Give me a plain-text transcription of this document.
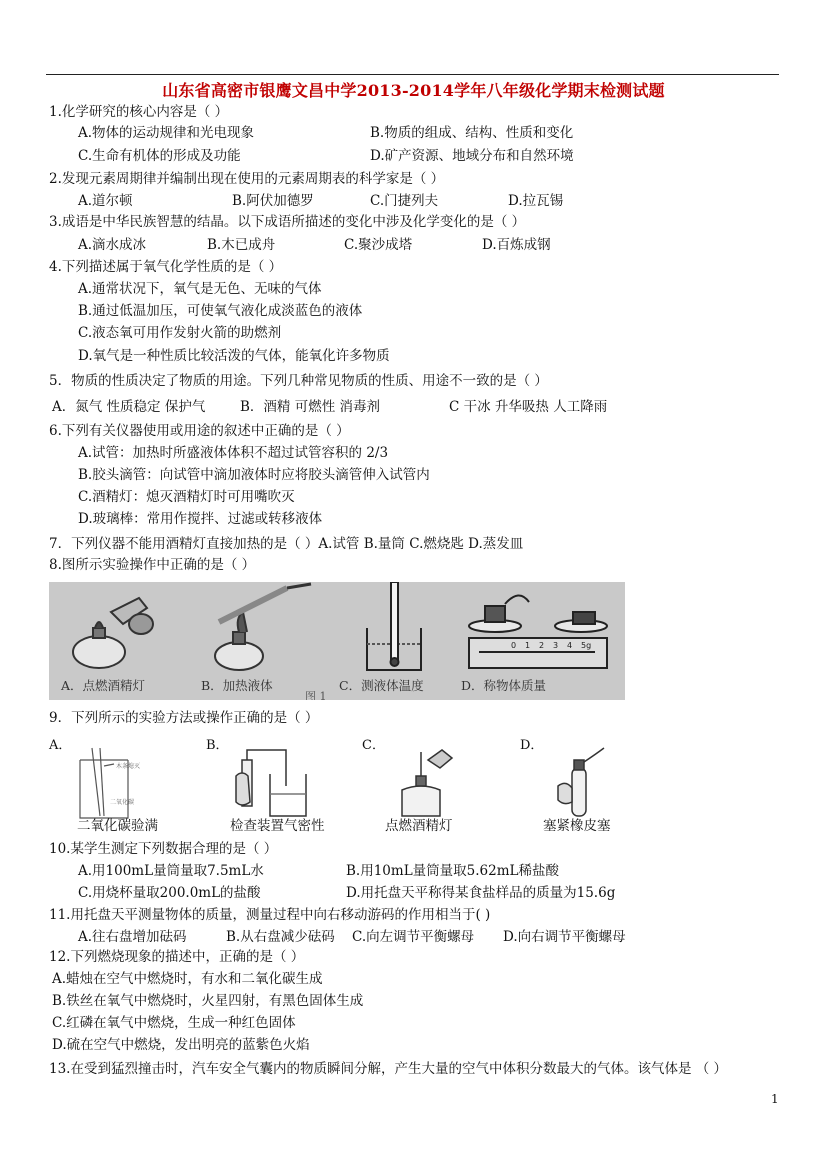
山东省高密市银鹰文昌中学2013-2014学年八年级化学期末检测试题
1.化学研究的核心内容是（ ）
A.物体的运动规律和光电现象	B.物质的组成、结构、性质和变化
C.生命有机体的形成及功能	D.矿产资源、地域分布和自然环境
2.发现元素周期律并编制出现在使用的元素周期表的科学家是（ ）
A.道尔顿	B.阿伏加德罗	C.门捷列夫	D.拉瓦锡
3.成语是中华民族智慧的结晶。以下成语所描述的变化中涉及化学变化的是（ ）
A.滴水成冰	B.木已成舟	C.聚沙成塔	D.百炼成钢
4.下列描述属于氧气化学性质的是（ ）
A.通常状况下，氧气是无色、无味的气体
B.通过低温加压，可使氧气液化成淡蓝色的液体
C.液态氧可用作发射火箭的助燃剂
D.氧气是一种性质比较活泼的气体，能氧化许多物质
5．物质的性质决定了物质的用途。下列几种常见物质的性质、用途不一致的是（ ）
A．氮气 性质稳定 保护气	B．酒精 可燃性 消毒剂	C 干冰 升华吸热 人工降雨
6.下列有关仪器使用或用途的叙述中正确的是（ ）
A.试管：加热时所盛液体体积不超过试管容积的 2/3
B.胶头滴管：向试管中滴加液体时应将胶头滴管伸入试管内
C.酒精灯：熄灭酒精灯时可用嘴吹灭
D.玻璃棒：常用作搅拌、过滤或转移液体
7．下列仪器不能用酒精灯直接加热的是（ ）A.试管 B.量筒 C.燃烧匙 D.蒸发皿
8.图所示实验操作中正确的是（ ）
0 1 2 3 4 5g
A．点燃酒精灯	B．加热液体	C．测液体温度	D．称物体质量
图 1
9．下列所示的实验方法或操作正确的是（ ）
A．	B．	C．	D．
木条熄灭
二氧化碳
二氧化碳验满	检查装置气密性	点燃酒精灯	塞紧橡皮塞
10.某学生测定下列数据合理的是（ ）
A.用100mL量筒量取7.5mL水	B.用10mL量筒量取5.62mL稀盐酸
C.用烧杯量取200.0mL的盐酸	D.用托盘天平称得某食盐样品的质量为15.6g
11.用托盘天平测量物体的质量，测量过程中向右移动游码的作用相当于( )
A.往右盘增加砝码	B.从右盘减少砝码 C.向左调节平衡螺母 D.向右调节平衡螺母
12.下列燃烧现象的描述中，正确的是（ ）
A.蜡烛在空气中燃烧时，有水和二氧化碳生成
B.铁丝在氧气中燃烧时，火星四射，有黑色固体生成
C.红磷在氧气中燃烧，生成一种红色固体
D.硫在空气中燃烧，发出明亮的蓝紫色火焰
13.在受到猛烈撞击时，汽车安全气囊内的物质瞬间分解，产生大量的空气中体积分数最大的气体。该气体是 （ ）
1
